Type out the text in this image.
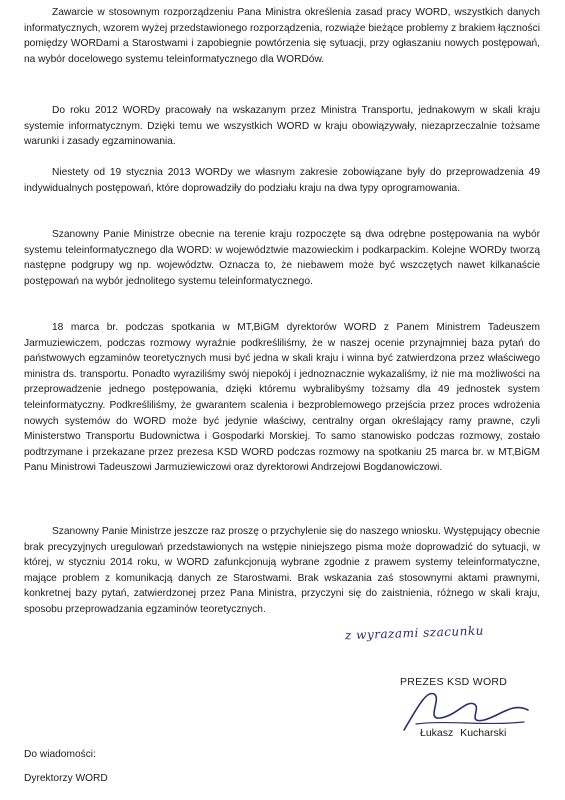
Zawarcie w stosownym rozporządzeniu Pana Ministra określenia zasad pracy WORD, wszystkich danych informatycznych, wzorem wyżej przedstawionego rozporządzenia, rozwiąże bieżące problemy z brakiem łączności pomiędzy WORDami a Starostwami i zapobiegnie powtórzenia się sytuacji, przy ogłaszaniu nowych postępowań, na wybór docelowego systemu teleinformatycznego dla WORDów.

Do roku 2012 WORDy pracowały na wskazanym przez Ministra Transportu, jednakowym w skali kraju systemie informatycznym. Dzięki temu we wszystkich WORD w kraju obowiązywały, niezaprzeczalnie tożsame warunki i zasady egzaminowania.

Niestety od 19 stycznia 2013 WORDy we własnym zakresie zobowiązane były do przeprowadzenia 49 indywidualnych postępowań, które doprowadziły do podziału kraju na dwa typy oprogramowania.

Szanowny Panie Ministrze obecnie na terenie kraju rozpoczęte są dwa odrębne postępowania na wybór systemu teleinformatycznego dla WORD: w województwie mazowieckim i podkarpackim. Kolejne WORDy tworzą następne podgrupy wg np. województw. Oznacza to, że niebawem może być wszczętych nawet kilkanaście postępowań na wybór jednolitego systemu teleinformatycznego.

18 marca br. podczas spotkania w MT,BiGM dyrektorów WORD z Panem Ministrem Tadeuszem Jarmuziewiczem, podczas rozmowy wyraźnie podkreśliliśmy, że w naszej ocenie przynajmniej baza pytań do państwowych egzaminów teoretycznych musi być jedna w skali kraju i winna być zatwierdzona przez właściwego ministra ds. transportu. Ponadto wyraziliśmy swój niepokój i jednoznacznie wykazaliśmy, iż nie ma możliwości na przeprowadzenie jednego postępowania, dzięki któremu wybralibyśmy tożsamy dla 49 jednostek system teleinformatyczny. Podkreśliliśmy, że gwarantem scalenia i bezproblemowego przejścia przez proces wdrożenia nowych systemów do WORD może być jedynie właściwy, centralny organ określający ramy prawne, czyli Ministerstwo Transportu Budownictwa i Gospodarki Morskiej. To samo stanowisko podczas rozmowy, zostało podtrzymane i przekazane przez prezesa KSD WORD podczas rozmowy na spotkaniu 25 marca br. w MT,BiGM Panu Ministrowi Tadeuszowi Jarmuziewiczowi oraz dyrektorowi Andrzejowi Bogdanowiczowi.

Szanowny Panie Ministrze jeszcze raz proszę o przychylenie się do naszego wniosku. Występujący obecnie brak precyzyjnych uregulowań przedstawionych na wstępie niniejszego pisma może doprowadzić do sytuacji, w której, w styczniu 2014 roku, w WORD zafunkcjonują wybrane zgodnie z prawem systemy teleinformatyczne, mające problem z komunikacją danych ze Starostwami. Brak wskazania zaś stosownymi aktami prawnymi, konkretnej bazy pytań, zatwierdzonej przez Pana Ministra, przyczyni się do zaistnienia, różnego w skali kraju, sposobu przeprowadzania egzaminów teoretycznych.

z wyrazami szacunku
PREZES KSD WORD
Łukasz Kucharski
Do wiadomości:
Dyrektorzy WORD
